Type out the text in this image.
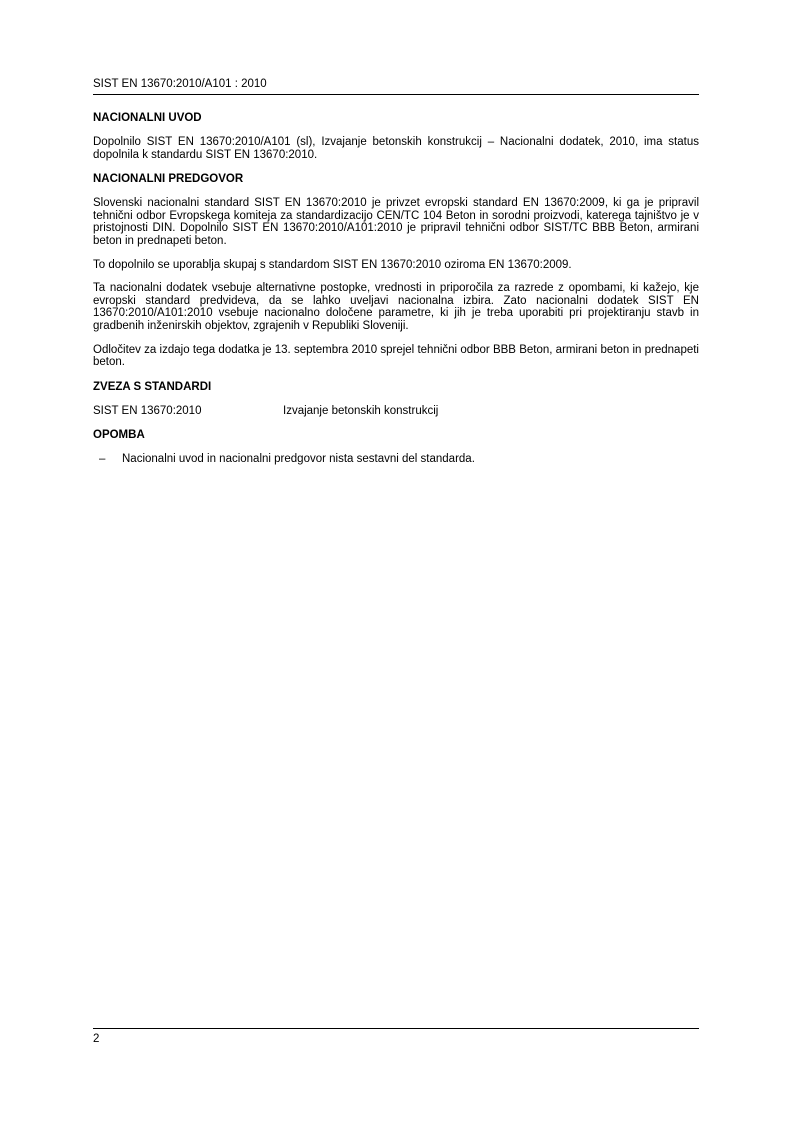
SIST EN 13670:2010/A101 : 2010
NACIONALNI UVOD

Dopolnilo SIST EN 13670:2010/A101 (sl), Izvajanje betonskih konstrukcij – Nacionalni dodatek, 2010, ima status dopolnila k standardu SIST EN 13670:2010.

NACIONALNI PREDGOVOR

Slovenski nacionalni standard SIST EN 13670:2010 je privzet evropski standard EN 13670:2009, ki ga je pripravil tehnični odbor Evropskega komiteja za standardizacijo CEN/TC 104 Beton in sorodni proizvodi, katerega tajništvo je v pristojnosti DIN. Dopolnilo SIST EN 13670:2010/A101:2010 je pripravil tehnični odbor SIST/TC BBB Beton, armirani beton in prednapeti beton.

To dopolnilo se uporablja skupaj s standardom SIST EN 13670:2010 oziroma EN 13670:2009.

Ta nacionalni dodatek vsebuje alternativne postopke, vrednosti in priporočila za razrede z opombami, ki kažejo, kje evropski standard predvideva, da se lahko uveljavi nacionalna izbira. Zato nacionalni dodatek SIST EN 13670:2010/A101:2010 vsebuje nacionalno določene parametre, ki jih je treba uporabiti pri projektiranju stavb in gradbenih inženirskih objektov, zgrajenih v Republiki Sloveniji.

Odločitev za izdajo tega dodatka je 13. septembra 2010 sprejel tehnični odbor BBB Beton, armirani beton in prednapeti beton.

ZVEZA S STANDARDI
SIST EN 13670:2010	Izvajanje betonskih konstrukcij
OPOMBA
–	Nacionalni uvod in nacionalni predgovor nista sestavni del standarda.
2
